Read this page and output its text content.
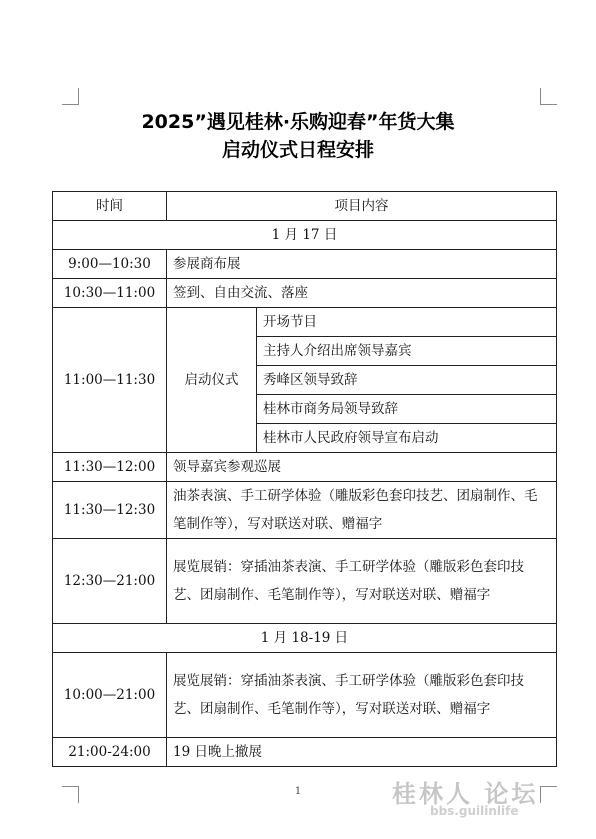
2025”遇见桂林·乐购迎春”年货大集
启动仪式日程安排
时间	项目内容	
1 月 17 日		
9:00—10:30	参展商布展	
10:30—11:00	签到、自由交流、落座	
11:00—11:30	启动仪式	开场节目
		主持人介绍出席领导嘉宾
		秀峰区领导致辞
		桂林市商务局领导致辞
		桂林市人民政府领导宣布启动
11:30—12:00	领导嘉宾参观巡展	
11:30—12:30	油茶表演、手工研学体验（雕版彩色套印技艺、团扇制作、毛笔制作等），写对联送对联、赠福字	
12:30—21:00	展览展销：穿插油茶表演、手工研学体验（雕版彩色套印技艺、团扇制作、毛笔制作等），写对联送对联、赠福字	
1 月 18-19 日		
10:00—21:00	展览展销：穿插油茶表演、手工研学体验（雕版彩色套印技艺、团扇制作、毛笔制作等），写对联送对联、赠福字	
21:00-24:00	19 日晚上撤展	
1	桂林人 论坛
bbs.guilinlife
